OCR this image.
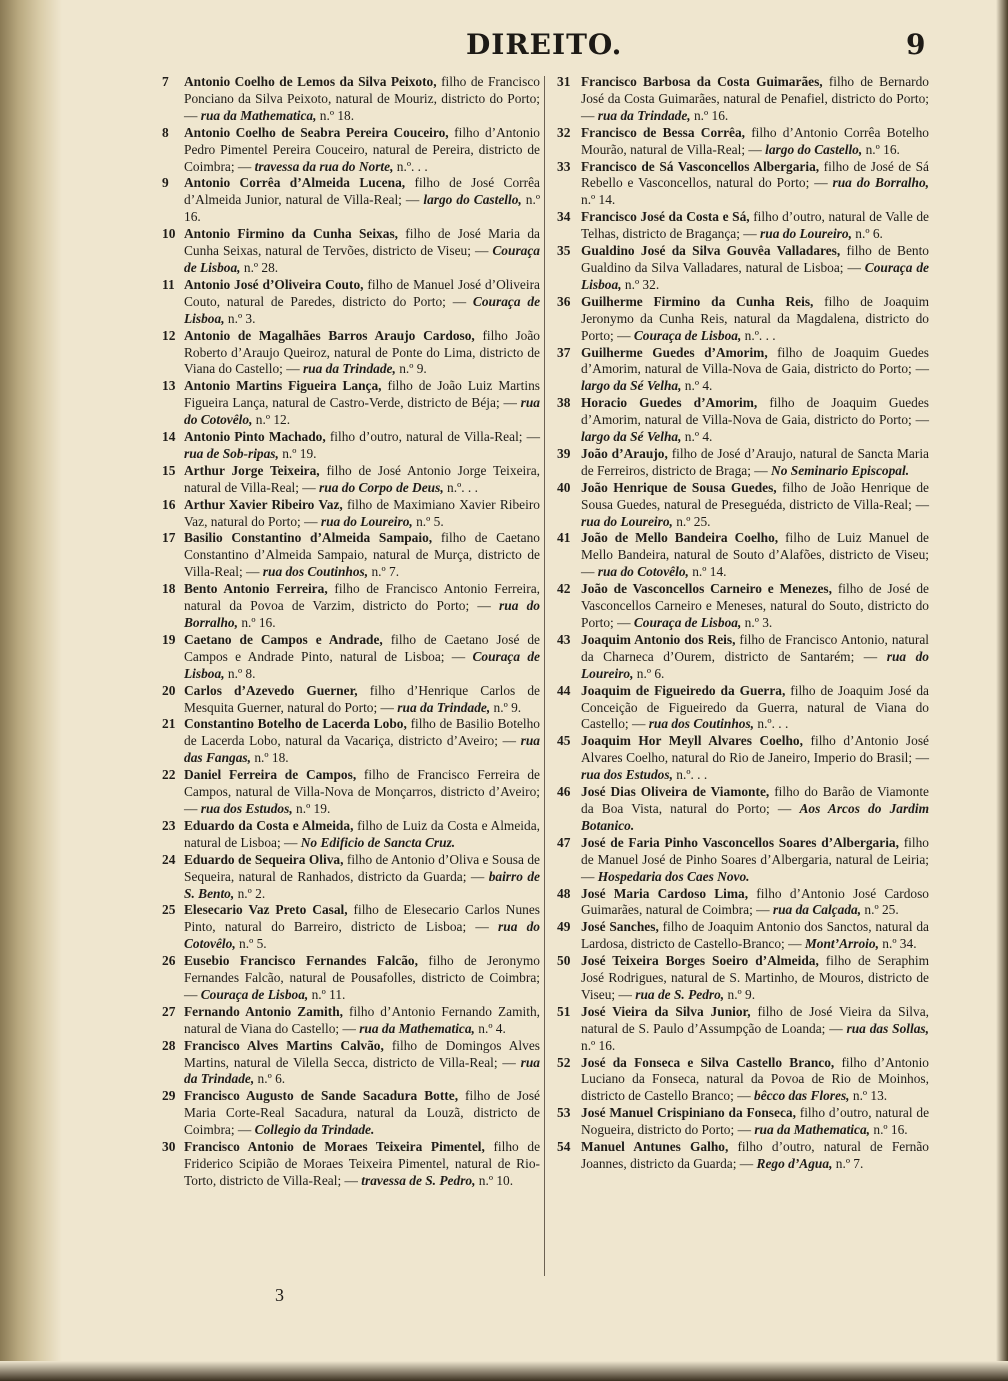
DIREITO.	9

7 Antonio Coelho de Lemos da Silva Peixoto, filho de Francisco Ponciano da Silva Peixoto, natural de Mouriz, districto do Porto; — rua da Mathematica, n.º 18.

8 Antonio Coelho de Seabra Pereira Couceiro, filho d’Antonio Pedro Pimentel Pereira Couceiro, natural de Pereira, districto de Coimbra; — travessa da rua do Norte, n.º. . .

9 Antonio Corrêa d’Almeida Lucena, filho de José Corrêa d’Almeida Junior, natural de Villa-Real; — largo do Castello, n.º 16.

10 Antonio Firmino da Cunha Seixas, filho de José Maria da Cunha Seixas, natural de Tervões, districto de Viseu; — Couraça de Lisboa, n.º 28.

11 Antonio José d’Oliveira Couto, filho de Manuel José d’Oliveira Couto, natural de Paredes, districto do Porto; — Couraça de Lisboa, n.º 3.

12 Antonio de Magalhães Barros Araujo Cardoso, filho João Roberto d’Araujo Queiroz, natural de Ponte do Lima, districto de Viana do Castello; — rua da Trindade, n.º 9.

13 Antonio Martins Figueira Lança, filho de João Luiz Martins Figueira Lança, natural de Castro-Verde, districto de Béja; — rua do Cotovêlo, n.º 12.

14 Antonio Pinto Machado, filho d’outro, natural de Villa-Real; — rua de Sob-ripas, n.º 19.

15 Arthur Jorge Teixeira, filho de José Antonio Jorge Teixeira, natural de Villa-Real; — rua do Corpo de Deus, n.º. . .

16 Arthur Xavier Ribeiro Vaz, filho de Maximiano Xavier Ribeiro Vaz, natural do Porto; — rua do Loureiro, n.º 5.

17 Basilio Constantino d’Almeida Sampaio, filho de Caetano Constantino d’Almeida Sampaio, natural de Murça, districto de Villa-Real; — rua dos Coutinhos, n.º 7.

18 Bento Antonio Ferreira, filho de Francisco Antonio Ferreira, natural da Povoa de Varzim, districto do Porto; — rua do Borralho, n.º 16.

19 Caetano de Campos e Andrade, filho de Caetano José de Campos e Andrade Pinto, natural de Lisboa; — Couraça de Lisboa, n.º 8.

20 Carlos d’Azevedo Guerner, filho d’Henrique Carlos de Mesquita Guerner, natural do Porto; — rua da Trindade, n.º 9.

21 Constantino Botelho de Lacerda Lobo, filho de Basilio Botelho de Lacerda Lobo, natural da Vacariça, districto d’Aveiro; — rua das Fangas, n.º 18.

22 Daniel Ferreira de Campos, filho de Francisco Ferreira de Campos, natural de Villa-Nova de Monçarros, districto d’Aveiro; — rua dos Estudos, n.º 19.

23 Eduardo da Costa e Almeida, filho de Luiz da Costa e Almeida, natural de Lisboa; — No Edificio de Sancta Cruz.

24 Eduardo de Sequeira Oliva, filho de Antonio d’Oliva e Sousa de Sequeira, natural de Ranhados, districto da Guarda; — bairro de S. Bento, n.º 2.

25 Elesecario Vaz Preto Casal, filho de Elesecario Carlos Nunes Pinto, natural do Barreiro, districto de Lisboa; — rua do Cotovêlo, n.º 5.

26 Eusebio Francisco Fernandes Falcão, filho de Jeronymo Fernandes Falcão, natural de Pousafolles, districto de Coimbra; — Couraça de Lisboa, n.º 11.

27 Fernando Antonio Zamith, filho d’Antonio Fernando Zamith, natural de Viana do Castello; — rua da Mathematica, n.º 4.

28 Francisco Alves Martins Calvão, filho de Domingos Alves Martins, natural de Vilella Secca, districto de Villa-Real; — rua da Trindade, n.º 6.

29 Francisco Augusto de Sande Sacadura Botte, filho de José Maria Corte-Real Sacadura, natural da Louzã, districto de Coimbra; — Collegio da Trindade.

30 Francisco Antonio de Moraes Teixeira Pimentel, filho de Friderico Scipião de Moraes Teixeira Pimentel, natural de Rio-Torto, districto de Villa-Real; — travessa de S. Pedro, n.º 10.

31 Francisco Barbosa da Costa Guimarães, filho de Bernardo José da Costa Guimarães, natural de Penafiel, districto do Porto; — rua da Trindade, n.º 16.

32 Francisco de Bessa Corrêa, filho d’Antonio Corrêa Botelho Mourão, natural de Villa-Real; — largo do Castello, n.º 16.

33 Francisco de Sá Vasconcellos Albergaria, filho de José de Sá Rebello e Vasconcellos, natural do Porto; — rua do Borralho, n.º 14.

34 Francisco José da Costa e Sá, filho d’outro, natural de Valle de Telhas, districto de Bragança; — rua do Loureiro, n.º 6.

35 Gualdino José da Silva Gouvêa Valladares, filho de Bento Gualdino da Silva Valladares, natural de Lisboa; — Couraça de Lisboa, n.º 32.

36 Guilherme Firmino da Cunha Reis, filho de Joaquim Jeronymo da Cunha Reis, natural da Magdalena, districto do Porto; — Couraça de Lisboa, n.º. . .

37 Guilherme Guedes d’Amorim, filho de Joaquim Guedes d’Amorim, natural de Villa-Nova de Gaia, districto do Porto; — largo da Sé Velha, n.º 4.

38 Horacio Guedes d’Amorim, filho de Joaquim Guedes d’Amorim, natural de Villa-Nova de Gaia, districto do Porto; — largo da Sé Velha, n.º 4.

39 João d’Araujo, filho de José d’Araujo, natural de Sancta Maria de Ferreiros, districto de Braga; — No Seminario Episcopal.

40 João Henrique de Sousa Guedes, filho de João Henrique de Sousa Guedes, natural de Preseguéda, districto de Villa-Real; — rua do Loureiro, n.º 25.

41 João de Mello Bandeira Coelho, filho de Luiz Manuel de Mello Bandeira, natural de Souto d’Alafões, districto de Viseu; — rua do Cotovêlo, n.º 14.

42 João de Vasconcellos Carneiro e Menezes, filho de José de Vasconcellos Carneiro e Meneses, natural do Souto, districto do Porto; — Couraça de Lisboa, n.º 3.

43 Joaquim Antonio dos Reis, filho de Francisco Antonio, natural da Charneca d’Ourem, districto de Santarém; — rua do Loureiro, n.º 6.

44 Joaquim de Figueiredo da Guerra, filho de Joaquim José da Conceição de Figueiredo da Guerra, natural de Viana do Castello; — rua dos Coutinhos, n.º. . .

45 Joaquim Hor Meyll Alvares Coelho, filho d’Antonio José Alvares Coelho, natural do Rio de Janeiro, Imperio do Brasil; — rua dos Estudos, n.º. . .

46 José Dias Oliveira de Viamonte, filho do Barão de Viamonte da Boa Vista, natural do Porto; — Aos Arcos do Jardim Botanico.

47 José de Faria Pinho Vasconcellos Soares d’Albergaria, filho de Manuel José de Pinho Soares d’Albergaria, natural de Leiria; — Hospedaria dos Caes Novo.

48 José Maria Cardoso Lima, filho d’Antonio José Cardoso Guimarães, natural de Coimbra; — rua da Calçada, n.º 25.

49 José Sanches, filho de Joaquim Antonio dos Sanctos, natural da Lardosa, districto de Castello-Branco; — Mont’Arroio, n.º 34.

50 José Teixeira Borges Soeiro d’Almeida, filho de Seraphim José Rodrigues, natural de S. Martinho, de Mouros, districto de Viseu; — rua de S. Pedro, n.º 9.

51 José Vieira da Silva Junior, filho de José Vieira da Silva, natural de S. Paulo d’Assumpção de Loanda; — rua das Sollas, n.º 16.

52 José da Fonseca e Silva Castello Branco, filho d’Antonio Luciano da Fonseca, natural da Povoa de Rio de Moinhos, districto de Castello Branco; — bêcco das Flores, n.º 13.

53 José Manuel Crispiniano da Fonseca, filho d’outro, natural de Nogueira, districto do Porto; — rua da Mathematica, n.º 16.

54 Manuel Antunes Galho, filho d’outro, natural de Fernão Joannes, districto da Guarda; — Rego d’Agua, n.º 7.

3
